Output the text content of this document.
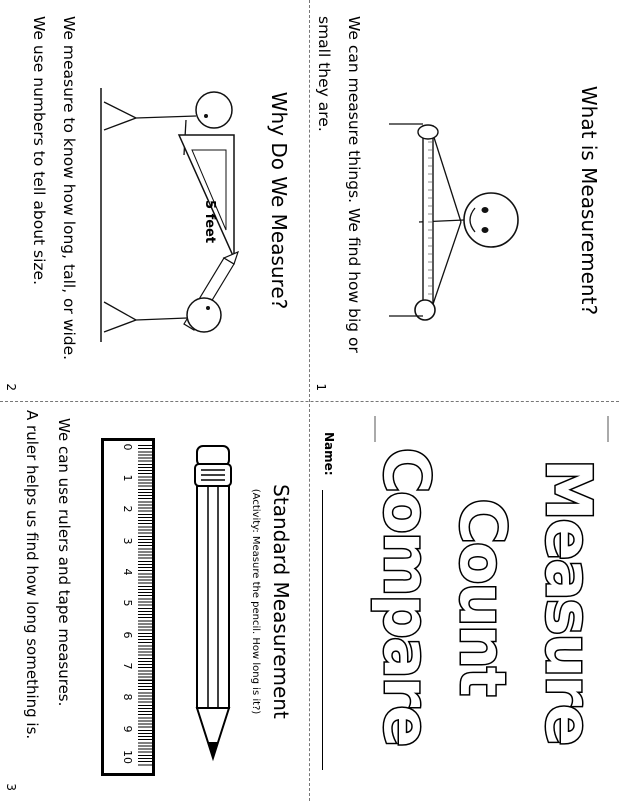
Why Do We Measure?
5 feet
We measure to know how long, tall, or wide. We use numbers to tell about size.
2
What is Measurement?
We can measure things. We find how big or small they are.
1
Standard Measurement
(Activity: Measure the pencil. How long is it?)
0
1
2
3
4
5
6
7
8
9
10
We can use rulers and tape measures.
A ruler helps us find how long something is.
3
Measure
Count
Compare
Name:
